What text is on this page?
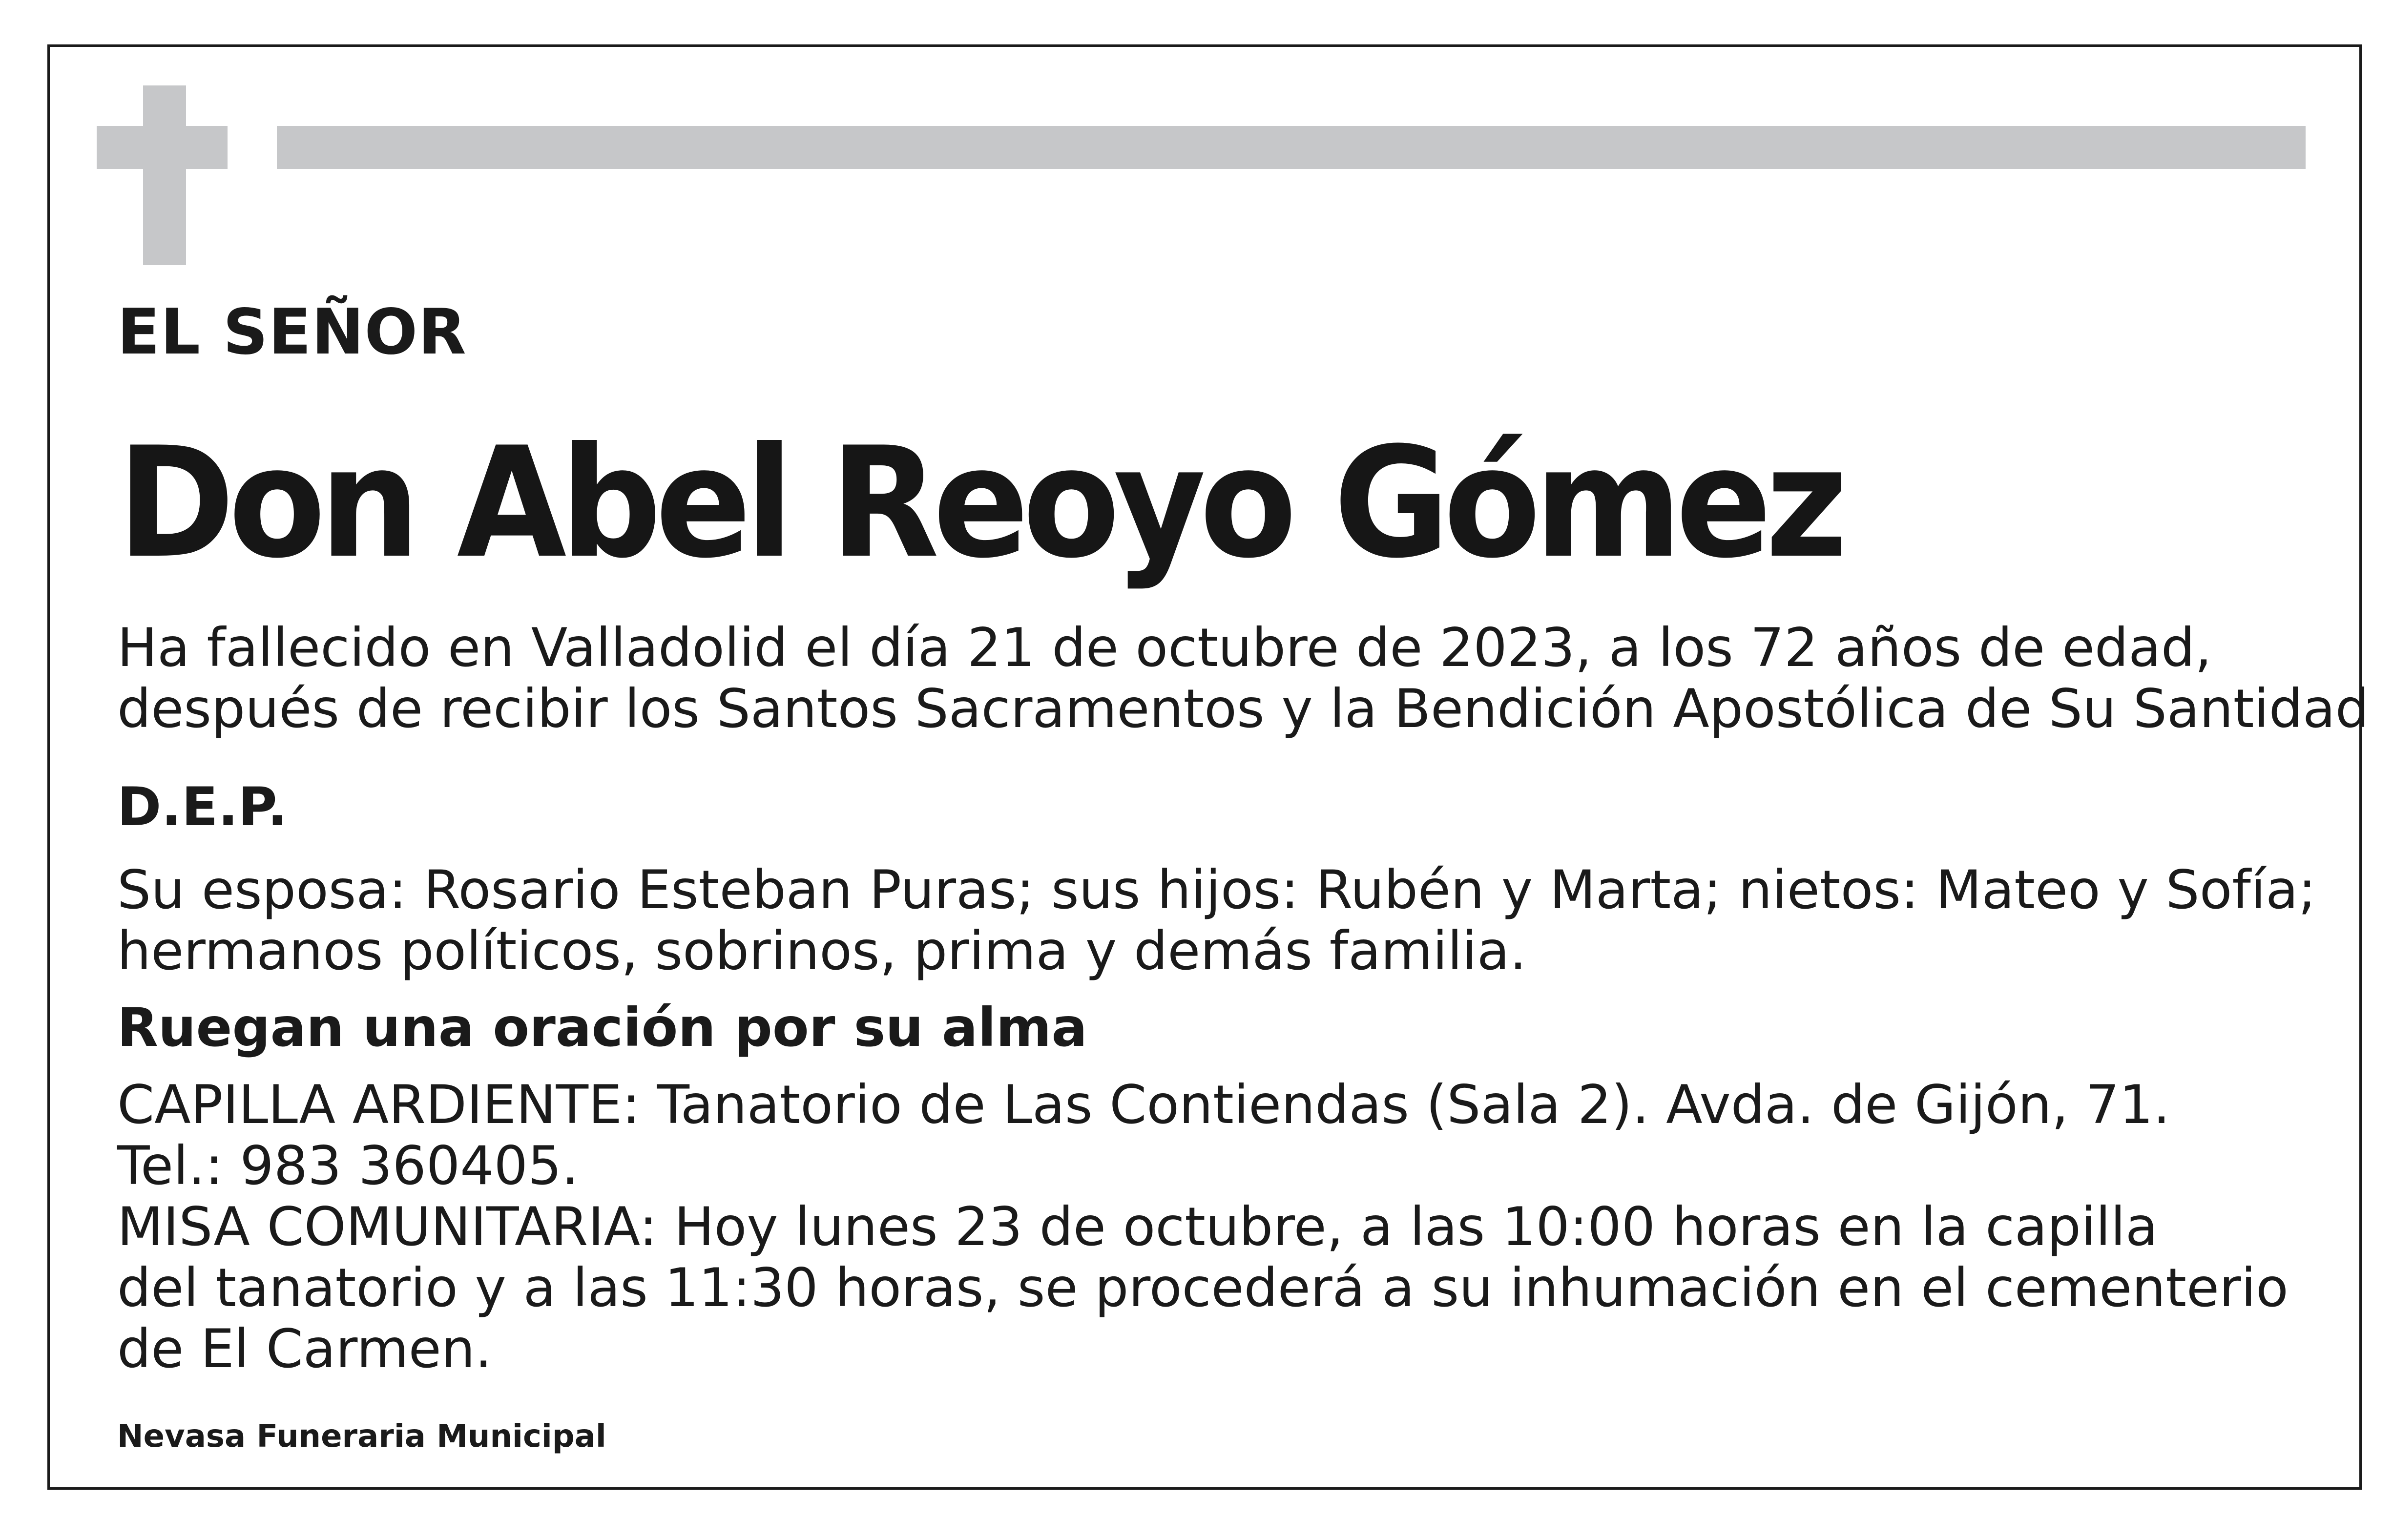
EL SEÑOR
Don Abel Reoyo Gómez
Ha fallecido en Valladolid el día 21 de octubre de 2023, a los 72 años de edad,
después de recibir los Santos Sacramentos y la Bendición Apostólica de Su Santidad
D.E.P.
Su esposa: Rosario Esteban Puras; sus hijos: Rubén y Marta; nietos: Mateo y Sofía;
hermanos políticos, sobrinos, prima y demás familia.
Ruegan una oración por su alma
CAPILLA ARDIENTE: Tanatorio de Las Contiendas (Sala 2). Avda. de Gijón, 71.
Tel.: 983 360405.
MISA COMUNITARIA: Hoy lunes 23 de octubre, a las 10:00 horas en la capilla
del tanatorio y a las 11:30 horas, se procederá a su inhumación en el cementerio
de El Carmen.
Nevasa Funeraria Municipal
